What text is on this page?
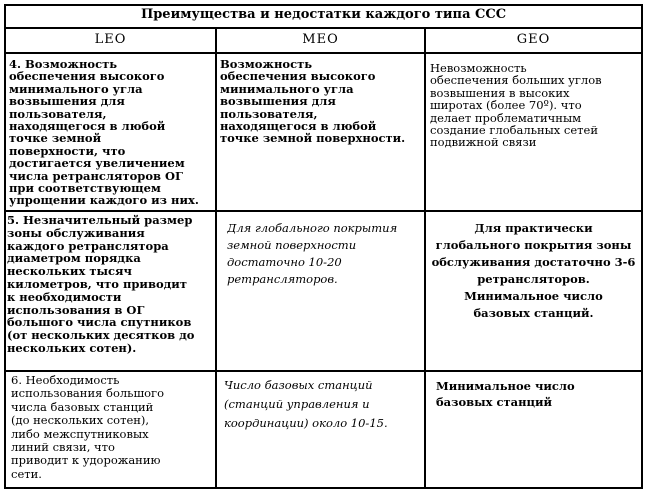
Преимущества и недостатки каждого типа ССС
LEO	MEO	GEO
4. Возможность
обеспечения высокого
минимального угла
возвышения для
пользователя,
находящегося в любой
точке земной
поверхности, что
достигается увеличением
числа ретрансляторов ОГ
при соответствующем
упрощении каждого из них.
Возможность
обеспечения высокого
минимального угла
возвышения для
пользователя,
находящегося в любой
точке земной поверхности.
Невозможность
обеспечения больших углов
возвышения в высоких
широтах (более 70º). что
делает проблематичным
создание глобальных сетей
подвижной связи
5. Незначительный размер
зоны обслуживания
каждого ретранслятора
диаметром порядка
нескольких тысяч
километров, что приводит
к необходимости
использования в ОГ
большого числа спутников
(от нескольких десятков до
нескольких сотен).
Для глобального покрытия
земной поверхности
достаточно 10-20
ретрансляторов.
Для практически
глобального покрытия зоны
обслуживания достаточно 3-6
ретрансляторов.
Минимальное число
базовых станций.
6. Необходимость
использования большого
числа базовых станций
(до нескольких сотен),
либо межспутниковых
линий связи, что
приводит к удорожанию
сети.
Число базовых станций
(станций управления и
координации) около 10-15.
Минимальное число
базовых станций
